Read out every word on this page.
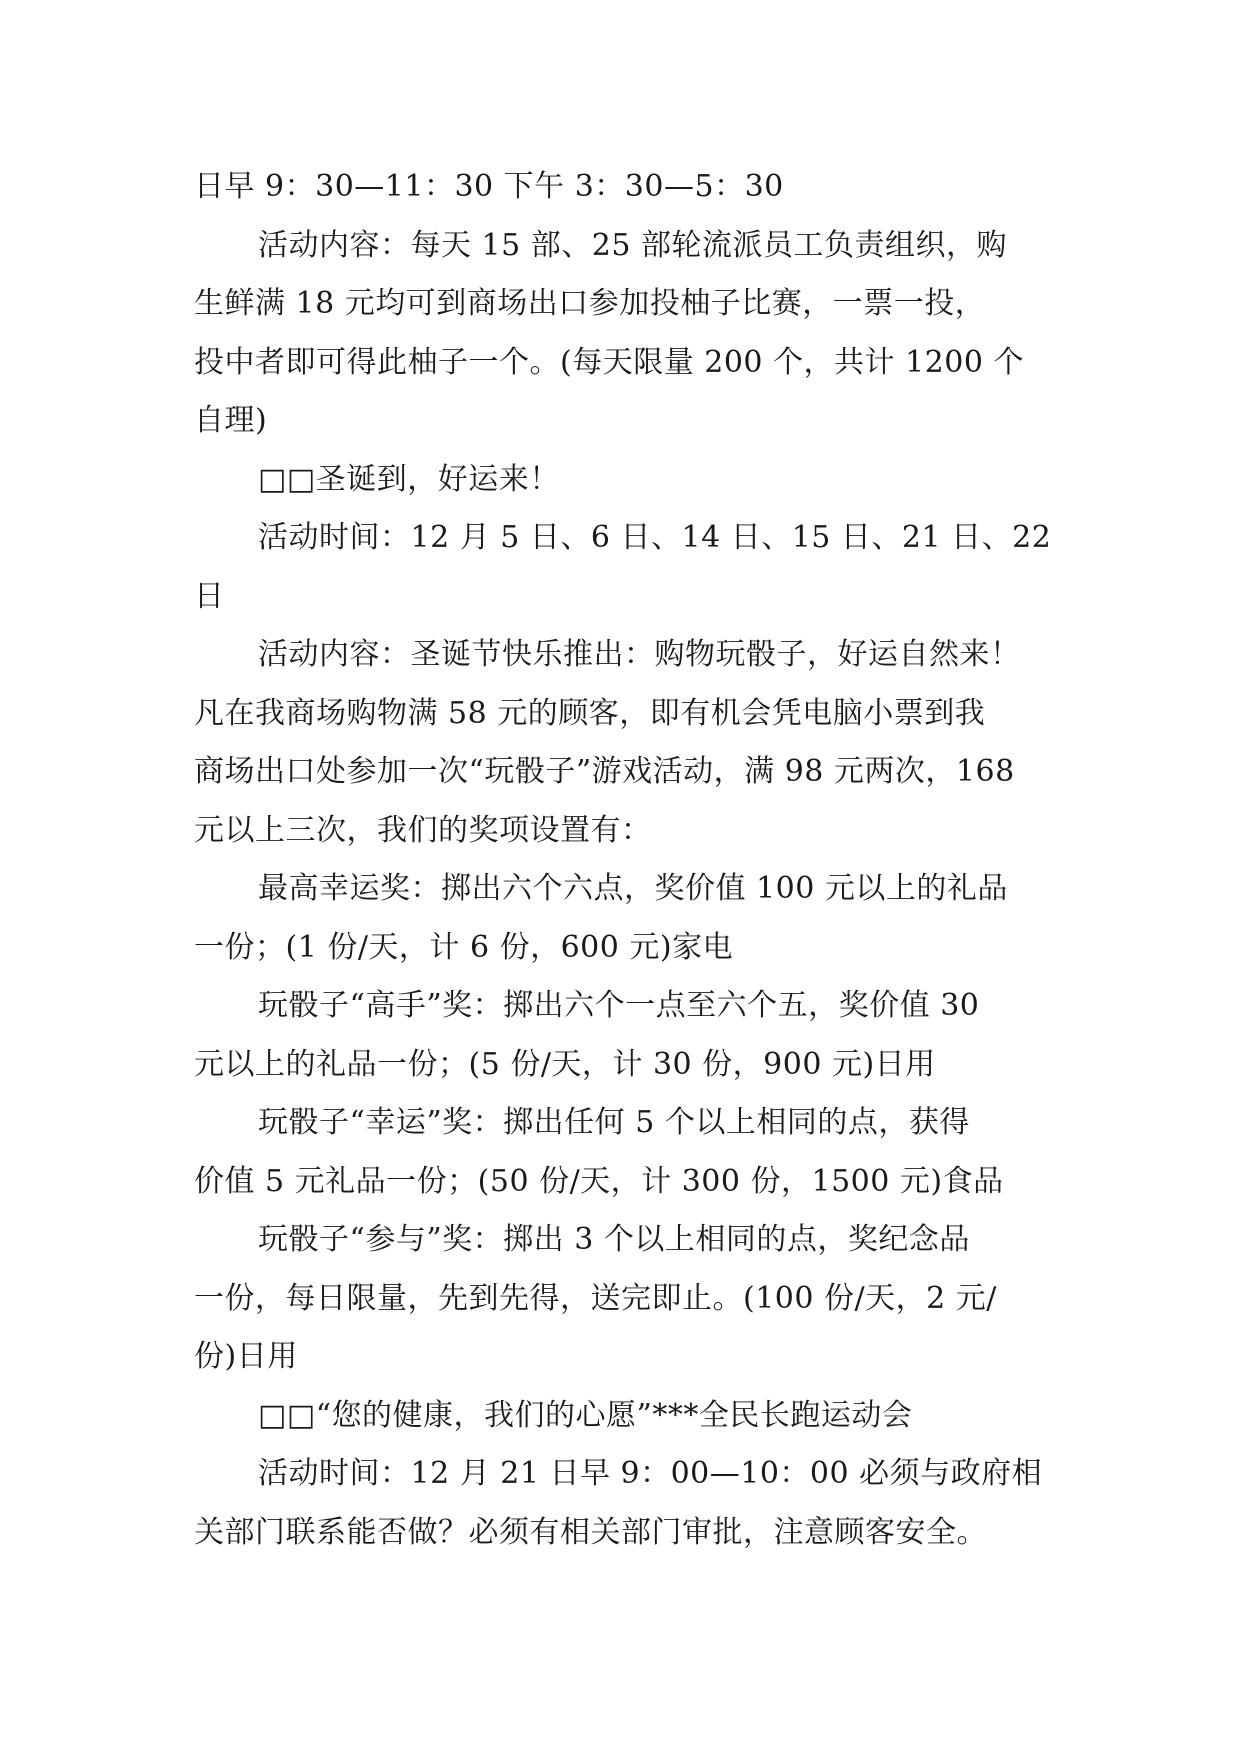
日早 9：30—11：30 下午 3：30—5：30

活动内容：每天 15 部、25 部轮流派员工负责组织，购

生鲜满 18 元均可到商场出口参加投柚子比赛，一票一投，

投中者即可得此柚子一个。(每天限量 200 个，共计 1200 个

自理)

□□圣诞到，好运来！

活动时间：12 月 5 日、6 日、14 日、15 日、21 日、22

日

活动内容：圣诞节快乐推出：购物玩骰子，好运自然来！

凡在我商场购物满 58 元的顾客，即有机会凭电脑小票到我

商场出口处参加一次“玩骰子”游戏活动，满 98 元两次，168

元以上三次，我们的奖项设置有：

最高幸运奖：掷出六个六点，奖价值 100 元以上的礼品

一份；(1 份/天，计 6 份，600 元)家电

玩骰子“高手”奖：掷出六个一点至六个五，奖价值 30

元以上的礼品一份；(5 份/天，计 30 份，900 元)日用

玩骰子“幸运”奖：掷出任何 5 个以上相同的点，获得

价值 5 元礼品一份；(50 份/天，计 300 份，1500 元)食品

玩骰子“参与”奖：掷出 3 个以上相同的点，奖纪念品

一份，每日限量，先到先得，送完即止。(100 份/天，2 元/

份)日用

□□“您的健康，我们的心愿”***全民长跑运动会

活动时间：12 月 21 日早 9：00—10：00 必须与政府相

关部门联系能否做？必须有相关部门审批，注意顾客安全。
